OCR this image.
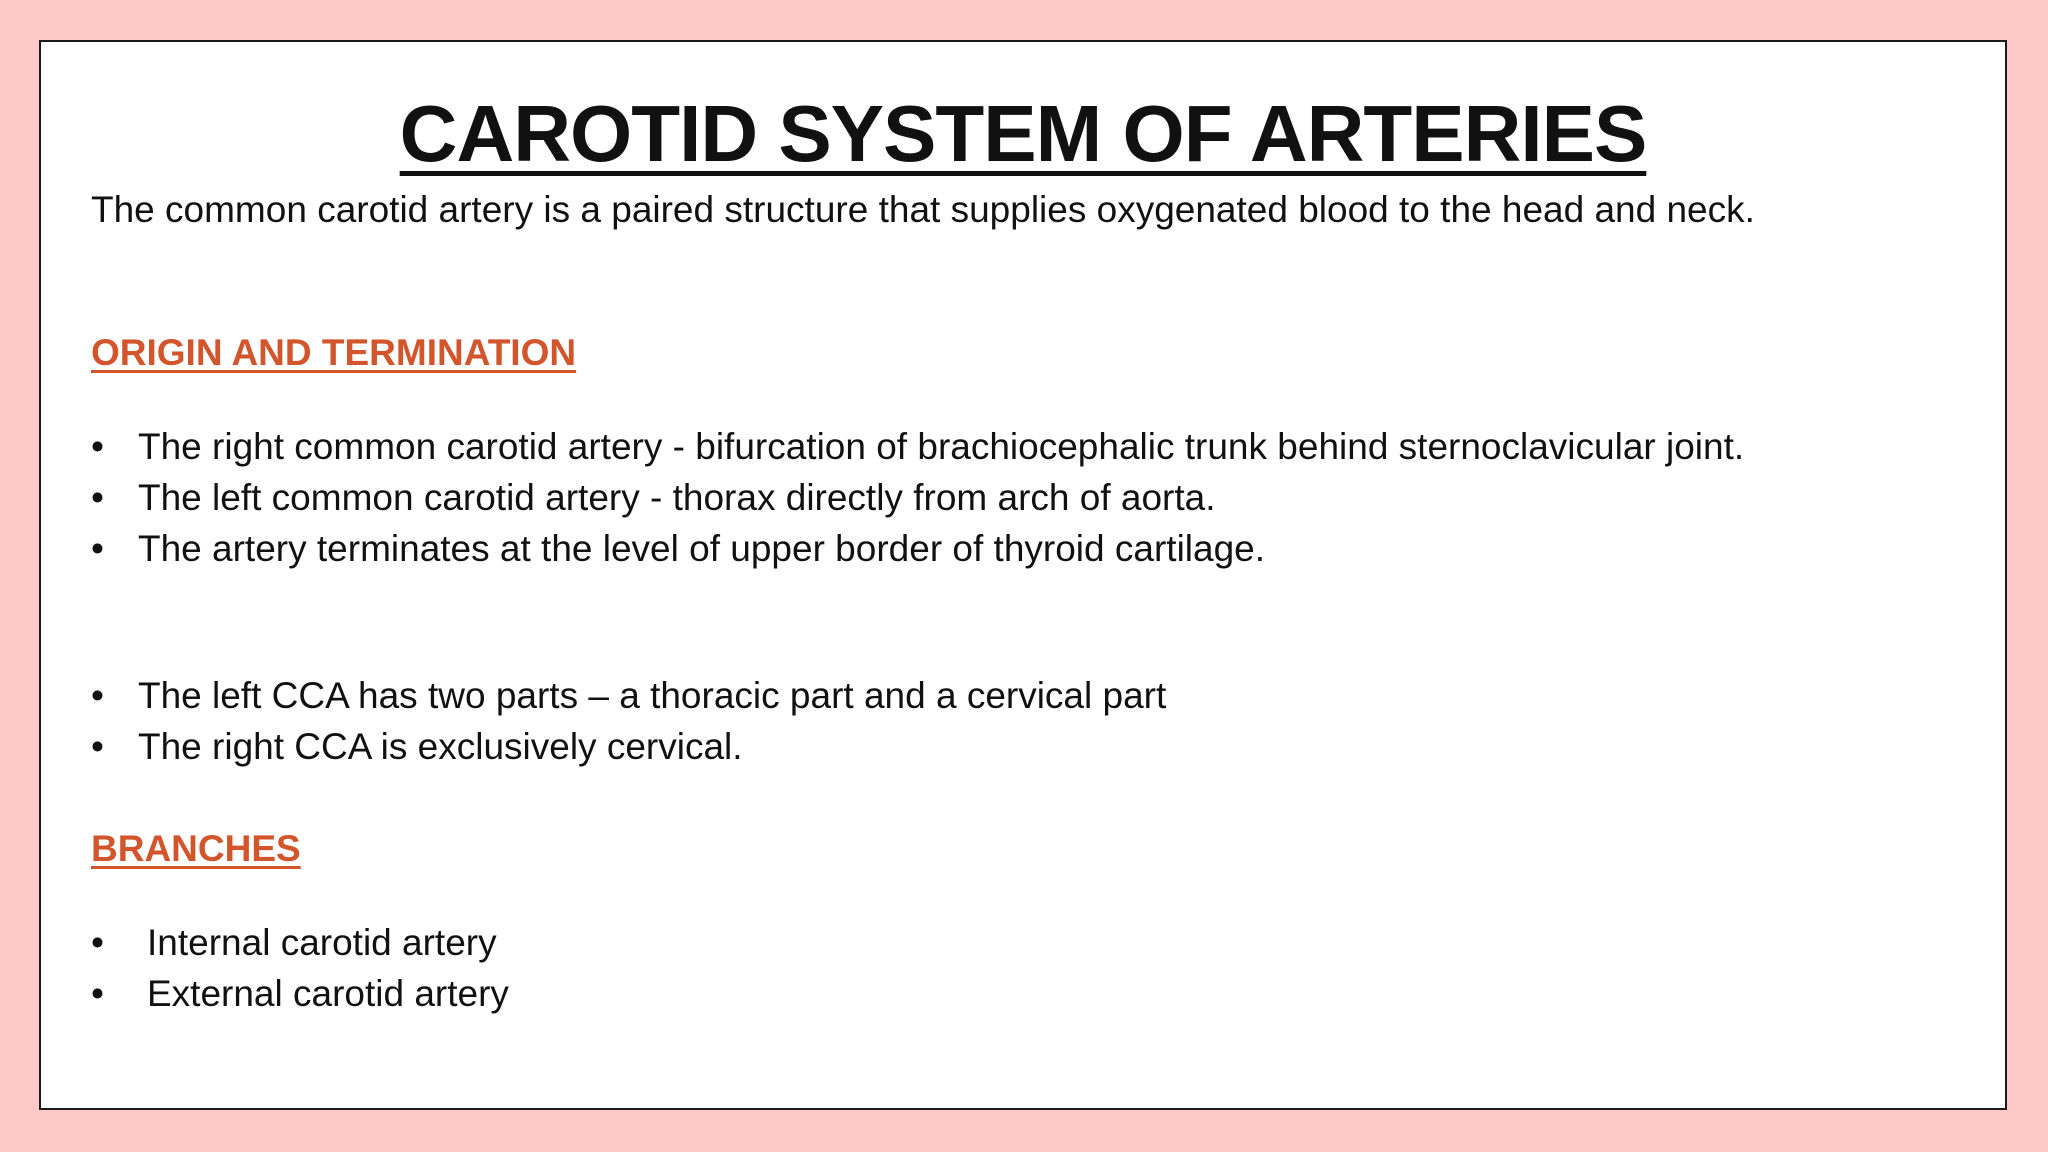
CAROTID SYSTEM OF ARTERIES

The common carotid artery is a paired structure that supplies oxygenated blood to the head and neck.

ORIGIN AND TERMINATION

• The right common carotid artery - bifurcation of brachiocephalic trunk behind sternoclavicular joint.
• The left common carotid artery - thorax directly from arch of aorta.
• The artery terminates at the level of upper border of thyroid cartilage.
• The left CCA has two parts – a thoracic part and a cervical part
• The right CCA is exclusively cervical.

BRANCHES

•	Internal carotid artery
•	External carotid artery
